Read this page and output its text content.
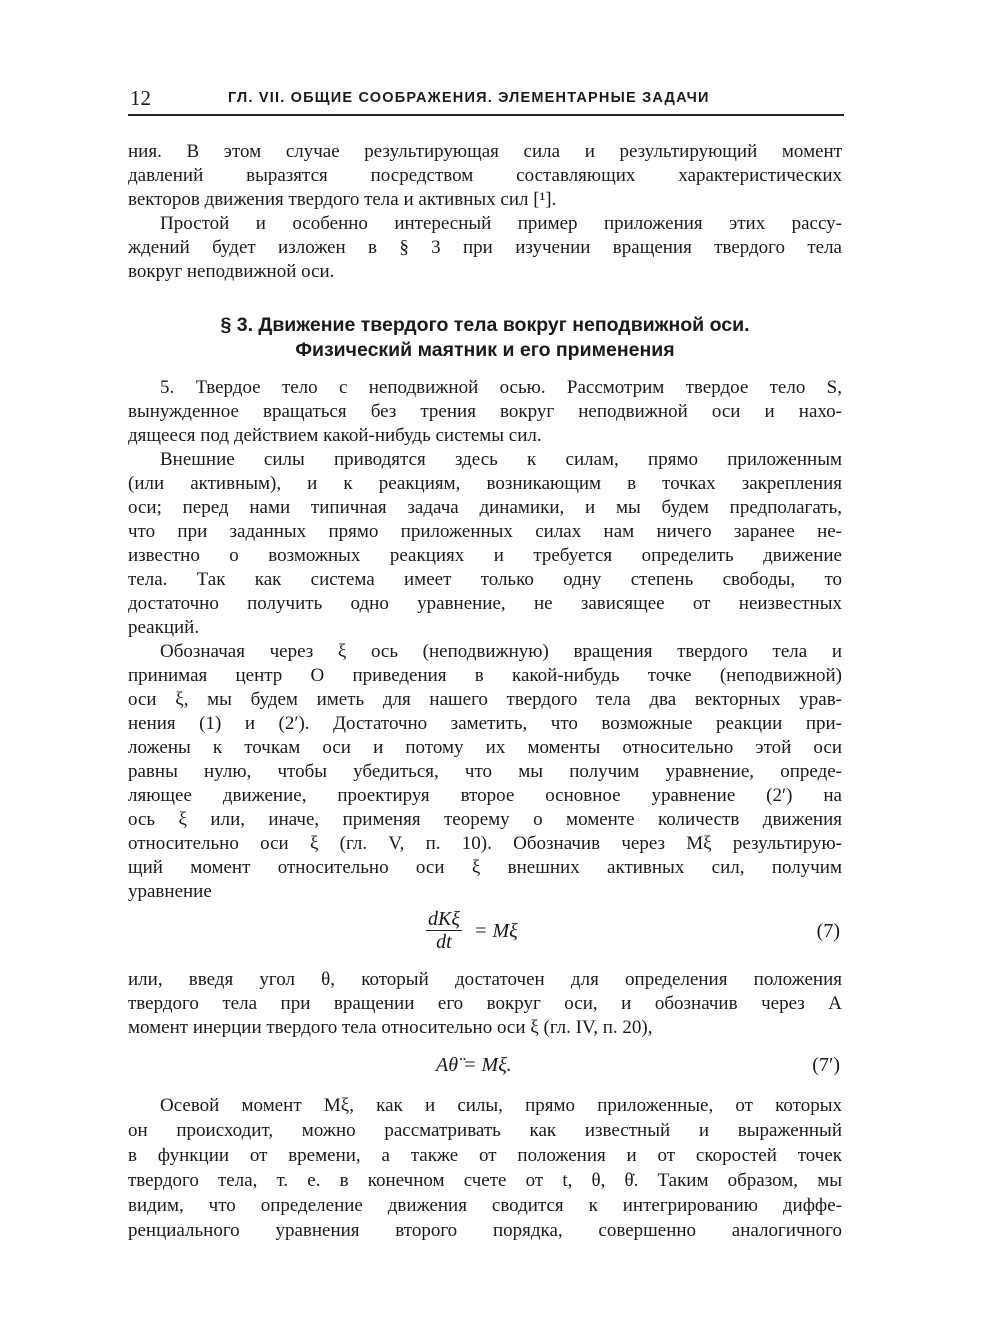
12	ГЛ. VII. ОБЩИЕ СООБРАЖЕНИЯ. ЭЛЕМЕНТАРНЫЕ ЗАДАЧИ
ния. В этом случае результирующая сила и результирующий момент
давлений выразятся посредством составляющих характеристических
векторов движения твердого тела и активных сил [¹].
Простой и особенно интересный пример приложения этих рассу-
ждений будет изложен в § 3 при изучении вращения твердого тела
вокруг неподвижной оси.
§ 3. Движение твердого тела вокруг неподвижной оси.
Физический маятник и его применения
5. Твердое тело с неподвижной осью. Рассмотрим твердое тело S,
вынужденное вращаться без трения вокруг неподвижной оси и нахо-
дящееся под действием какой-нибудь системы сил.
Внешние силы приводятся здесь к силам, прямо приложенным
(или активным), и к реакциям, возникающим в точках закрепления
оси; перед нами типичная задача динамики, и мы будем предполагать,
что при заданных прямо приложенных силах нам ничего заранее не-
известно о возможных реакциях и требуется определить движение
тела. Так как система имеет только одну степень свободы, то
достаточно получить одно уравнение, не зависящее от неизвестных
реакций.
Обозначая через ξ ось (неподвижную) вращения твердого тела и
принимая центр O приведения в какой-нибудь точке (неподвижной)
оси ξ, мы будем иметь для нашего твердого тела два векторных урав-
нения (1) и (2′). Достаточно заметить, что возможные реакции при-
ложены к точкам оси и потому их моменты относительно этой оси
равны нулю, чтобы убедиться, что мы получим уравнение, опреде-
ляющее движение, проектируя второе основное уравнение (2′) на
ось ξ или, иначе, применяя теорему о моменте количеств движения
относительно оси ξ (гл. V, п. 10). Обозначив через Mξ результирую-
щий момент относительно оси ξ внешних активных сил, получим
уравнение
dKξ
dt	= Mξ	(7)
или, введя угол θ, который достаточен для определения положения
твердого тела при вращении его вокруг оси, и обозначив через A
момент инерции твердого тела относительно оси ξ (гл. IV, п. 20),
Aθ̈ = Mξ.	(7′)
Осевой момент Mξ, как и силы, прямо приложенные, от которых
он происходит, можно рассматривать как известный и выраженный
в функции от времени, а также от положения и от скоростей точек
твердого тела, т. е. в конечном счете от t, θ, θ̇. Таким образом, мы
видим, что определение движения сводится к интегрированию диффе-
ренциального уравнения второго порядка, совершенно аналогичного
